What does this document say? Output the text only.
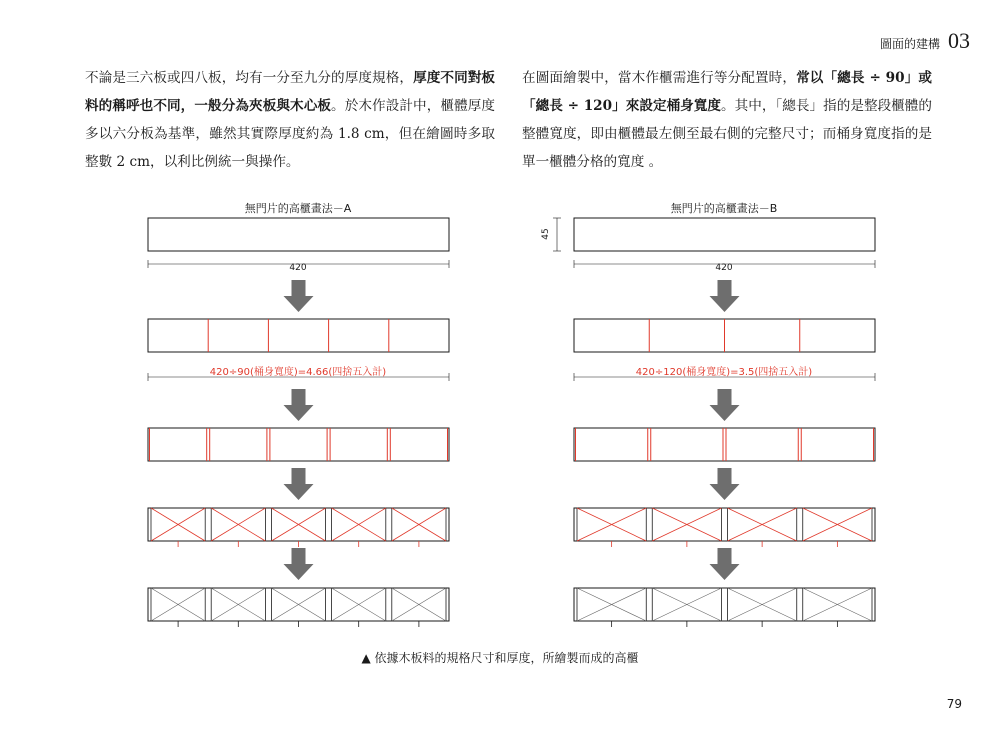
圖面的建構 03
不論是三六板或四八板，均有一分至九分的厚度規格，厚度不同對板料的稱呼也不同，一般分為夾板與木心板。於木作設計中，櫃體厚度多以六分板為基準，雖然其實際厚度約為 1.8 cm，但在繪圖時多取整數 2 cm，以利比例統一與操作。
在圖面繪製中，當木作櫃需進行等分配置時，常以「總長 ÷ 90」或「總長 ÷ 120」來設定桶身寬度。其中，「總長」指的是整段櫃體的整體寬度，即由櫃體最左側至最右側的完整尺寸；而桶身寬度指的是單一櫃體分格的寬度 。
無門片的高櫃畫法－A
420
420÷90(桶身寬度)=4.66(四捨五入計)
無門片的高櫃畫法－B
45
420
420÷120(桶身寬度)=3.5(四捨五入計)
▲ 依據木板料的規格尺寸和厚度，所繪製而成的高櫃
79
